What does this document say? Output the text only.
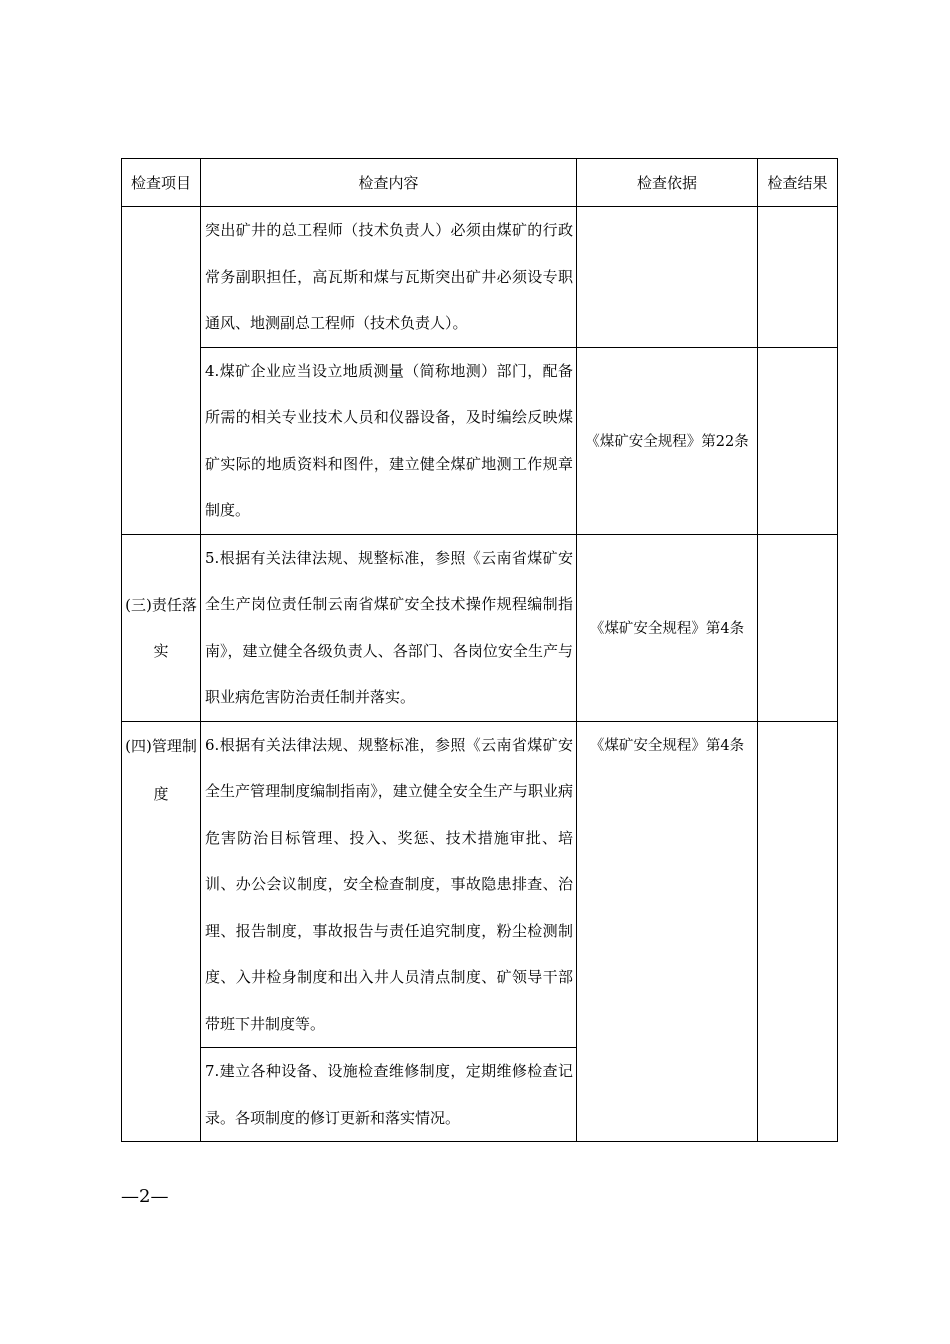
检查项目	检查内容	检查依据	检查结果
	突出矿井的总工程师（技术负责人）必须由煤矿的行政常务副职担任，高瓦斯和煤与瓦斯突出矿井必须设专职通风、地测副总工程师（技术负责人）。		
	4.煤矿企业应当设立地质测量（简称地测）部门，配备所需的相关专业技术人员和仪器设备，及时编绘反映煤矿实际的地质资料和图件，建立健全煤矿地测工作规章制度。	《煤矿安全规程》第22条	
(三)责任落实	5.根据有关法律法规、规整标准，参照《云南省煤矿安全生产岗位责任制云南省煤矿安全技术操作规程编制指南》，建立健全各级负责人、各部门、各岗位安全生产与职业病危害防治责任制并落实。	《煤矿安全规程》第4条	
(四)管理制度	6.根据有关法律法规、规整标准，参照《云南省煤矿安全生产管理制度编制指南》，建立健全安全生产与职业病危害防治目标管理、投入、奖惩、技术措施审批、培训、办公会议制度，安全检查制度，事故隐患排查、治理、报告制度，事故报告与责任追究制度，粉尘检测制度、入井检身制度和出入井人员清点制度、矿领导干部带班下井制度等。	《煤矿安全规程》第4条	
	7.建立各种设备、设施检查维修制度，定期维修检查记录。各项制度的修订更新和落实情况。		
—2—
